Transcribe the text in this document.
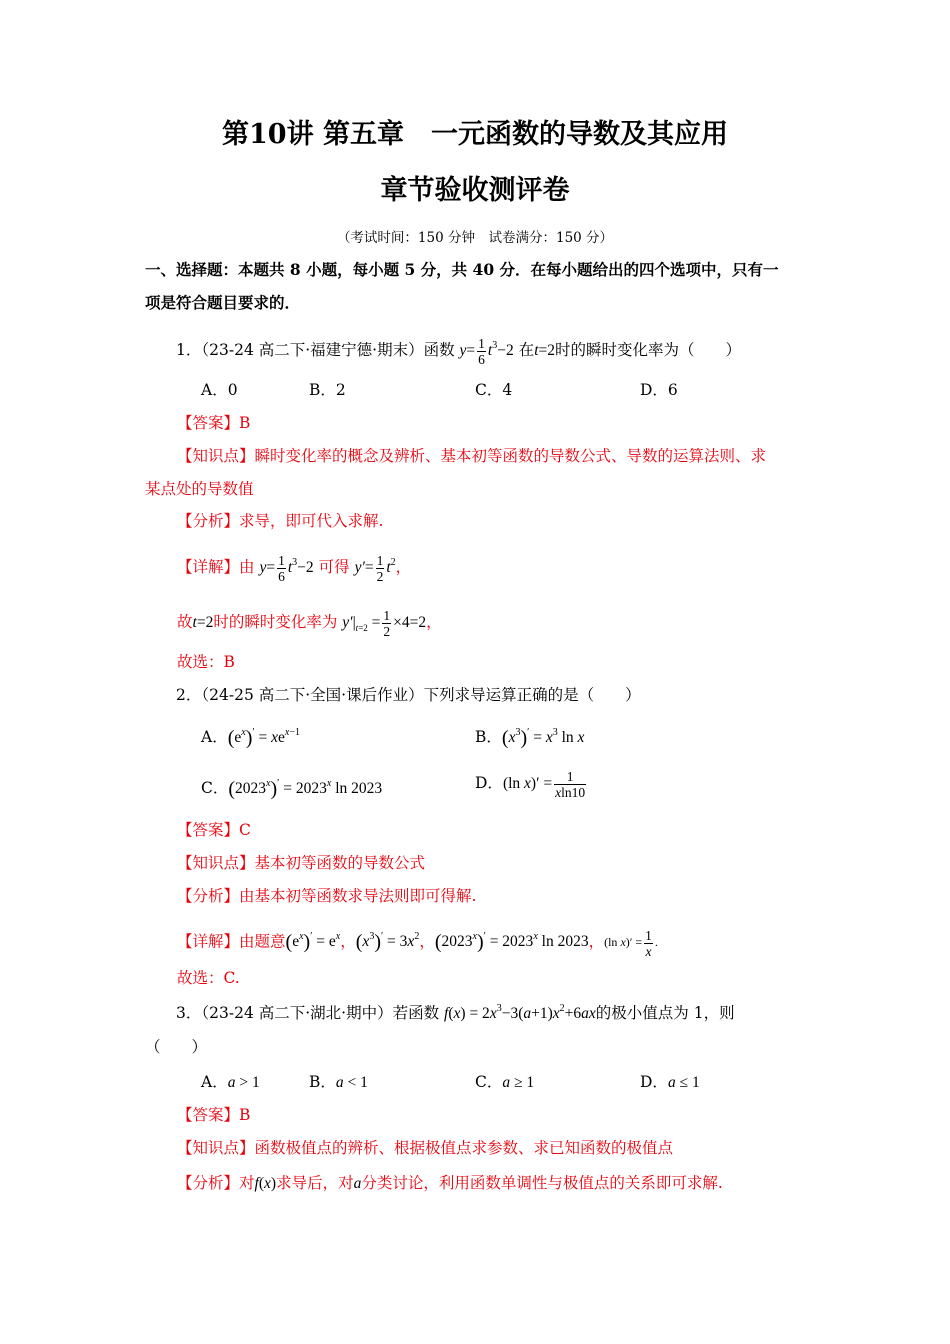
第10讲 第五章　一元函数的导数及其应用
章节验收测评卷
（考试时间：150 分钟　试卷满分：150 分）
一、选择题：本题共 8 小题，每小题 5 分，共 40 分．在每小题给出的四个选项中，只有一
项是符合题目要求的．
1．（23-24 高二下·福建宁德·期末）函数 $y= \frac{1}{6} t^3-2$ 在t=2时的瞬时变化率为（　　）
A．0	B．2	C．4	D．6
【答案】B
【知识点】瞬时变化率的概念及辨析、基本初等函数的导数公式、导数的运算法则、求
某点处的导数值
【分析】求导，即可代入求解.
【详解】由 $y= \frac{1}{6} t^3-2$ 可得 $y'= \frac{1}{2} t^2$，
故t=2时的瞬时变化率为 $y'|_{t=2} = \frac{1}{2} \times 4=2$，
故选：B
2．（24-25 高二下·全国·课后作业）下列求导运算正确的是（　　）
A．$(e^x)' = xe^{x-1}$	B．$(x^3)' = x^3$ ln x
C．$(2023^x)' = 2023^x$ ln 2023	D．(ln $x)' = \frac{1}{xln10}$
【答案】C
【知识点】基本初等函数的导数公式
【分析】由基本初等函数求导法则即可得解.
【详解】由题意$(e^x)' = e^x$，$(x^3)' = 3x^2$，$(2023^x)' = 2023^x$ ln 2023，(ln $x)' = \frac{1}{x}$ .
故选：C.
3．（23-24 高二下·湖北·期中）若函数 $f(x) = 2x^3-3(a+1)x^2+6ax$的极小值点为 1，则
（　　）
A．a > 1	B．a < 1	C．a ≥ 1	D．a ≤ 1
【答案】B
【知识点】函数极值点的辨析、根据极值点求参数、求已知函数的极值点
【分析】对f(x)求导后，对a分类讨论，利用函数单调性与极值点的关系即可求解.
